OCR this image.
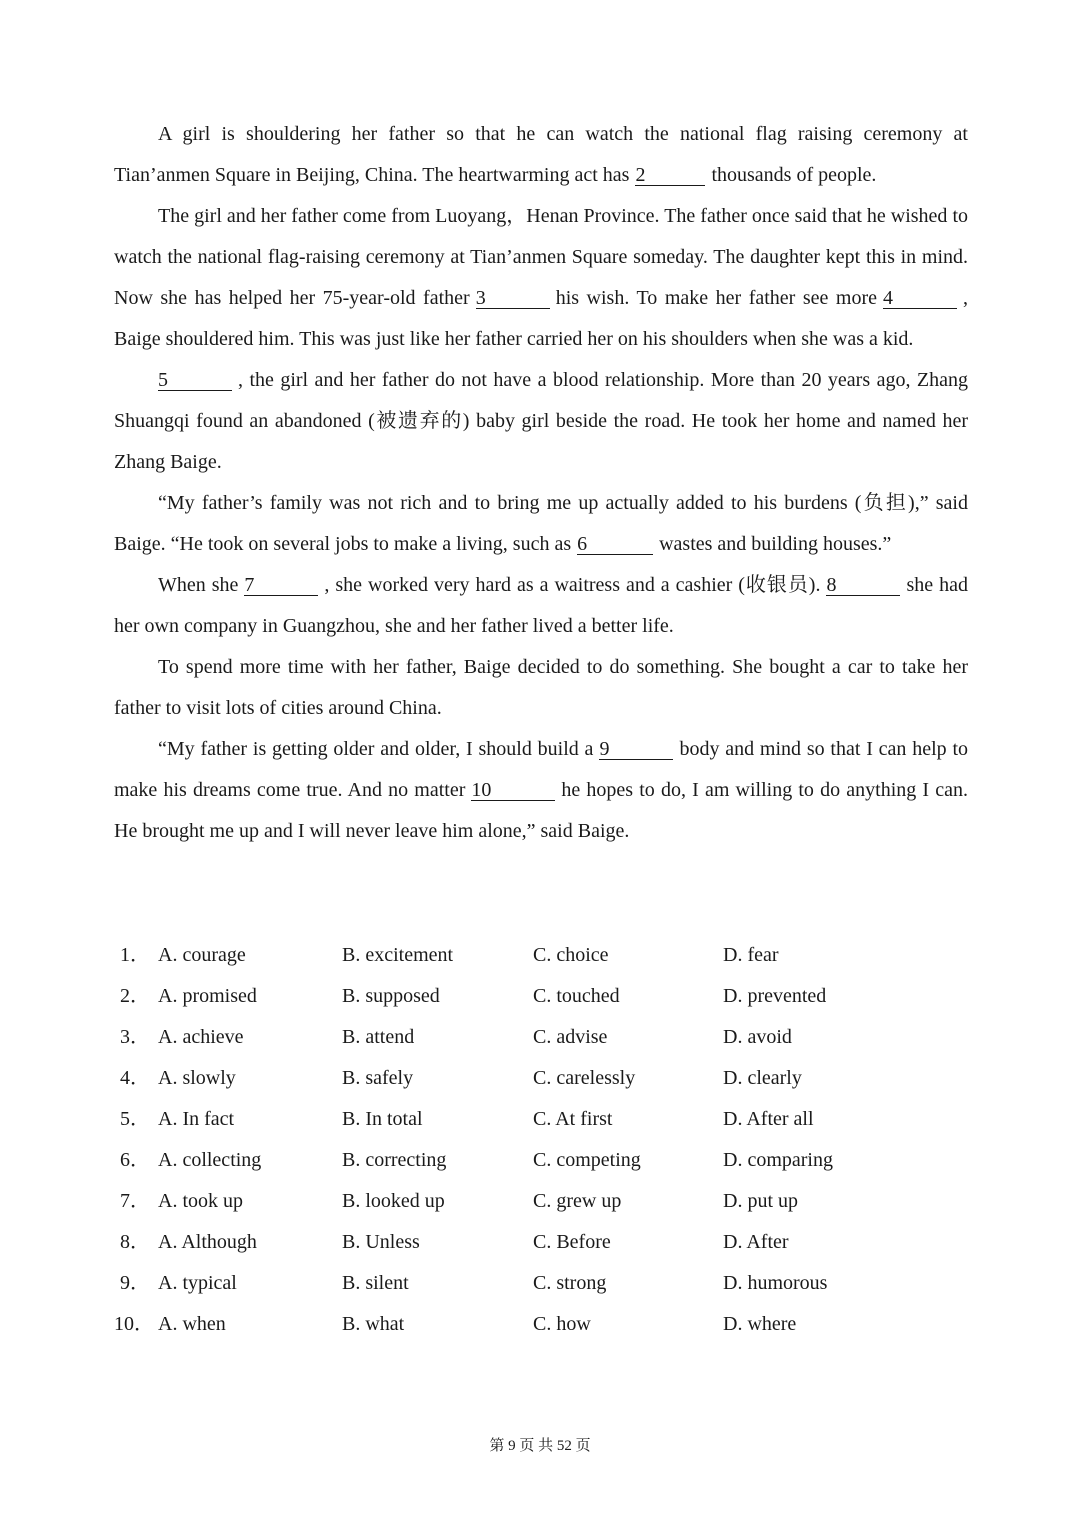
A girl is shouldering her father so that he can watch the national flag raising ceremony at Tian’anmen Square in Beijing, China. The heartwarming act has 2	thousands of people.

The girl and her father come from Luoyang，Henan Province. The father once said that he wished to watch the national flag-raising ceremony at Tian’anmen Square someday. The daughter kept this in mind. Now she has helped her 75-year-old father 3	his wish. To make her father see more 4	, Baige shouldered him. This was just like her father carried her on his shoulders when she was a kid.

5	, the girl and her father do not have a blood relationship. More than 20 years ago, Zhang Shuangqi found an abandoned (被遗弃的) baby girl beside the road. He took her home and named her Zhang Baige.

“My father’s family was not rich and to bring me up actually added to his burdens (负担),” said Baige. “He took on several jobs to make a living, such as 6	wastes and building houses.”

When she 7	, she worked very hard as a waitress and a cashier (收银员). 8	she had her own company in Guangzhou, she and her father lived a better life.

To spend more time with her father, Baige decided to do something. She bought a car to take her father to visit lots of cities around China.

“My father is getting older and older, I should build a 9	body and mind so that I can help to make his dreams come true. And no matter 10	he hopes to do, I am willing to do anything I can. He brought me up and I will never leave him alone,” said Baige.

1． A. courage	B. excitement	C. choice	D. fear
2． A. promised	B. supposed	C. touched	D. prevented
3． A. achieve	B. attend	C. advise	D. avoid
4． A. slowly	B. safely	C. carelessly	D. clearly
5． A. In fact	B. In total	C. At first	D. After all
6． A. collecting	B. correcting	C. competing	D. comparing
7． A. took up	B. looked up	C. grew up	D. put up
8． A. Although	B. Unless	C. Before	D. After
9． A. typical	B. silent	C. strong	D. humorous
10． A. when	B. what	C. how	D. where
第 9 页 共 52 页
